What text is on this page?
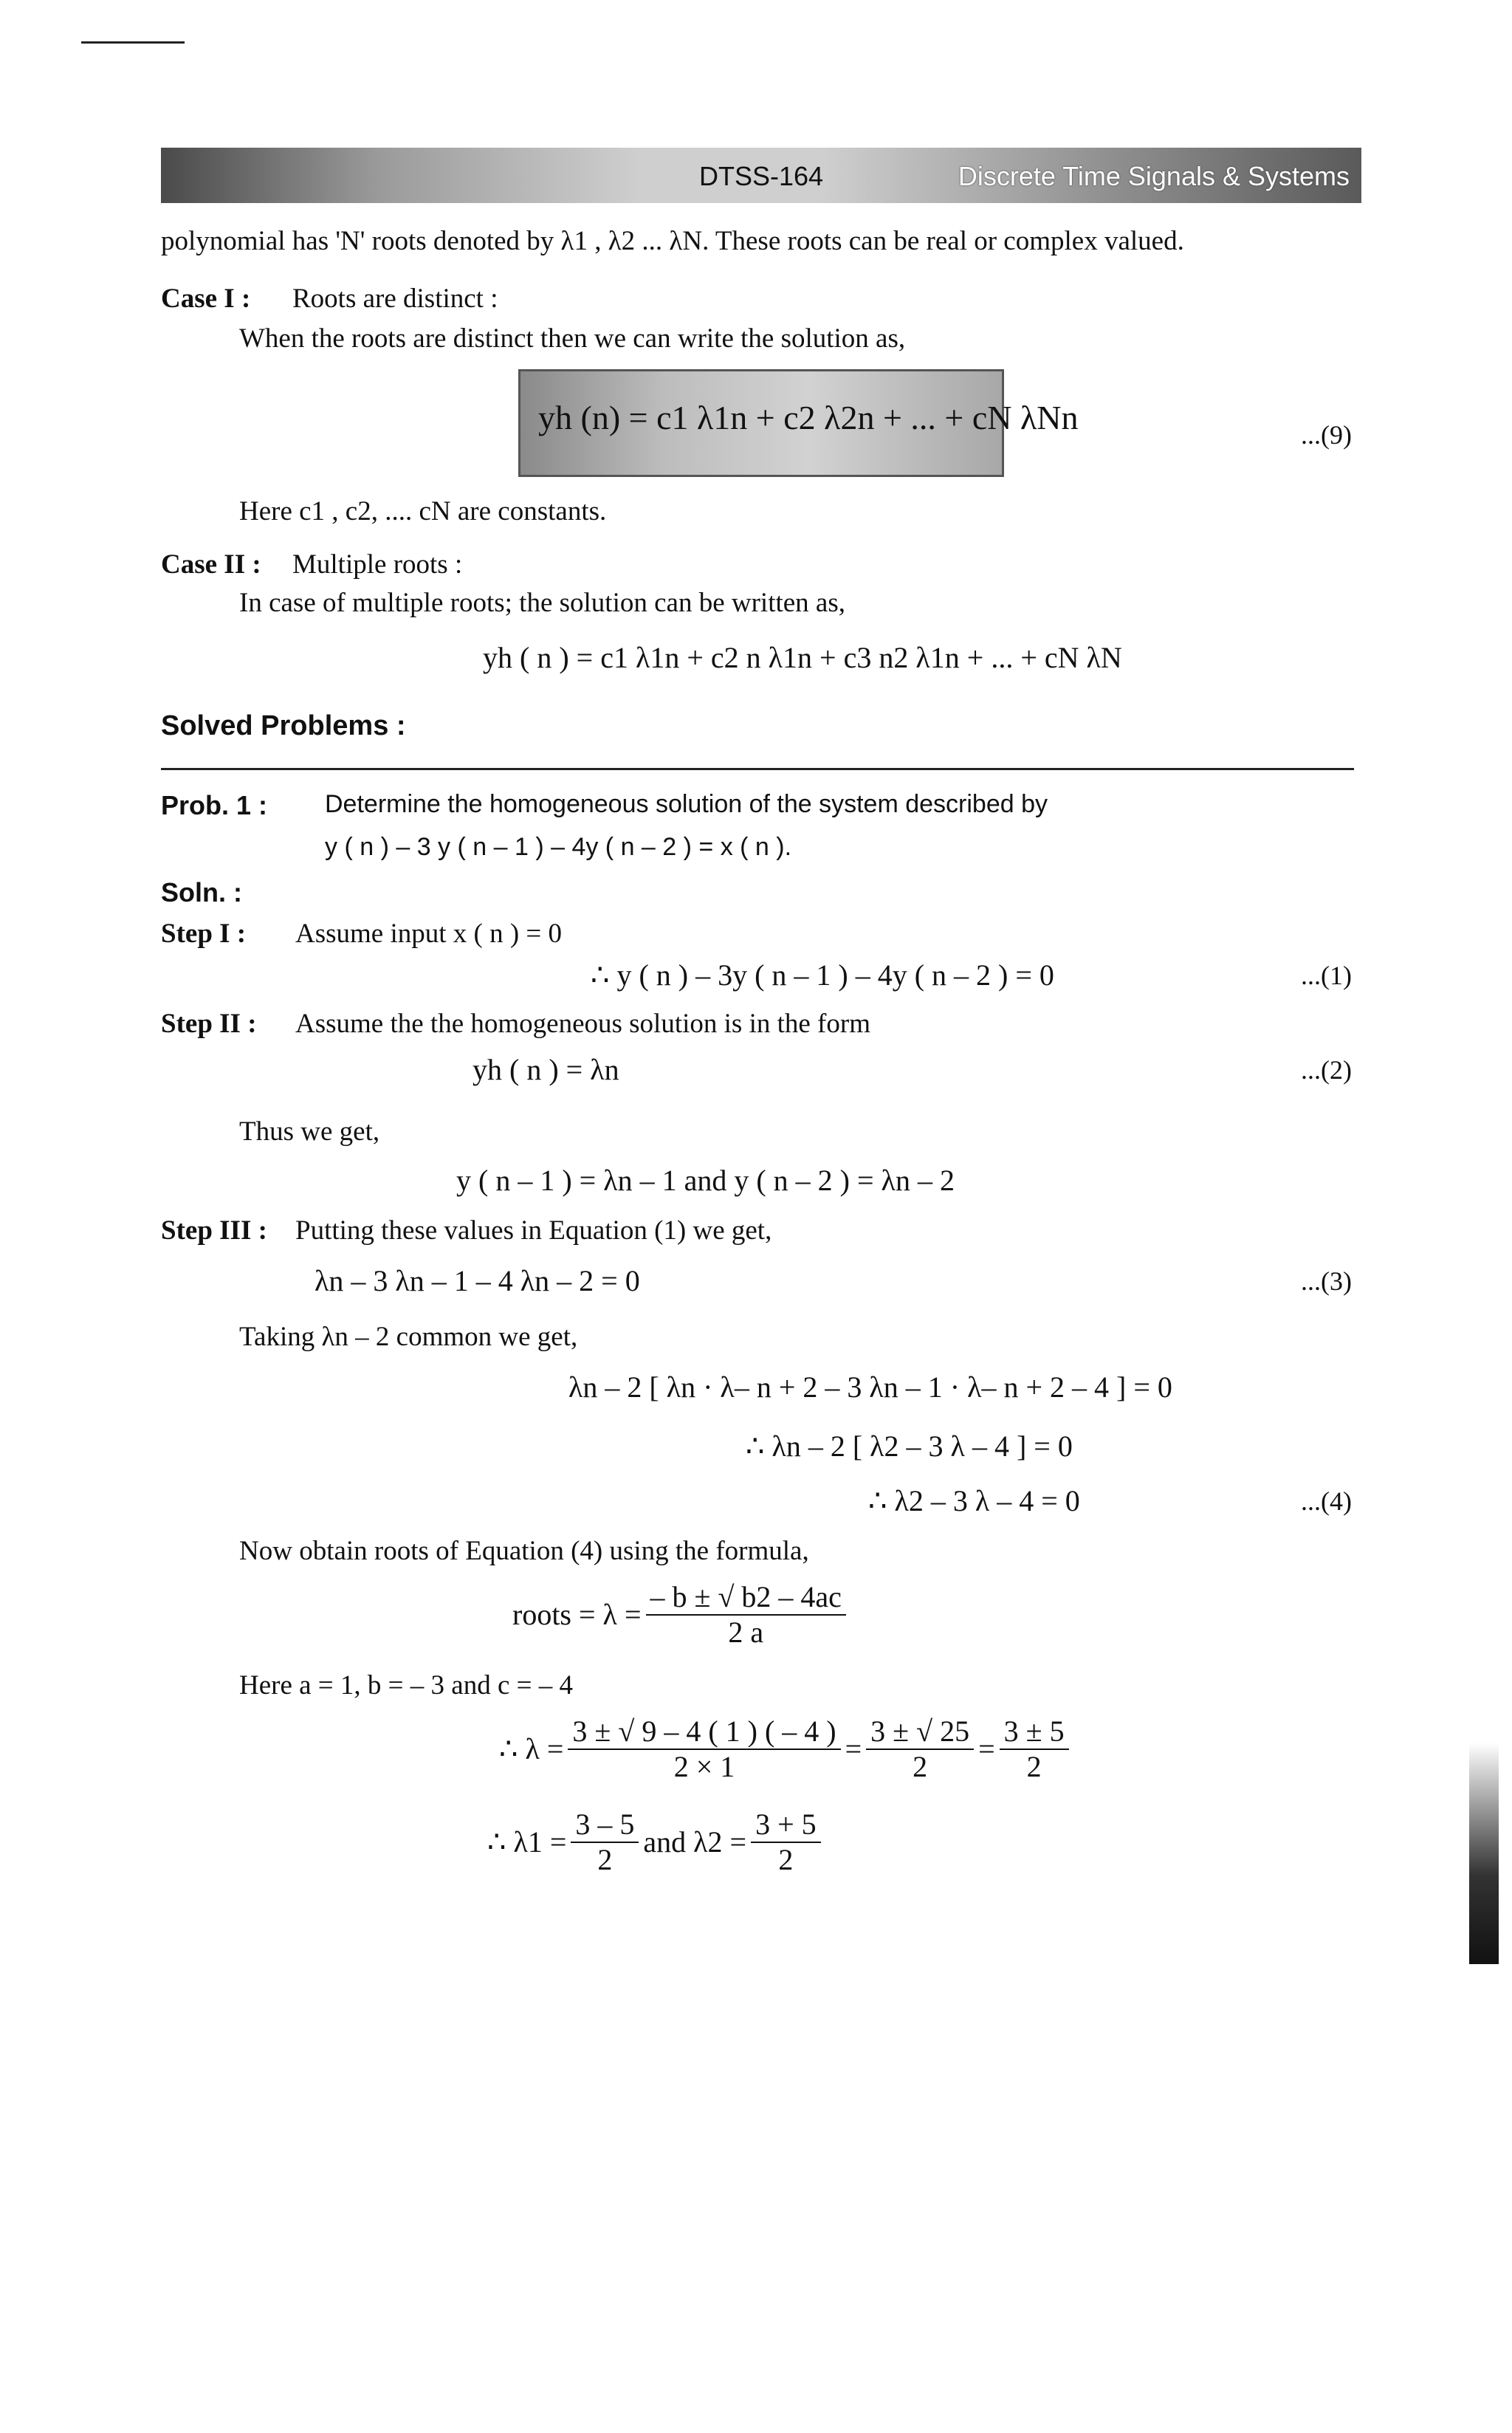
DTSS-164	Discrete Time Signals & Systems
polynomial has 'N' roots denoted by λ1 , λ2 ... λN. These roots can be real or complex valued.
Case I : Roots are distinct :
When the roots are distinct then we can write the solution as,
yh (n) = c1 λ1n + c2 λ2n + ... + cN λNn	...(9)
Here c1 , c2, .... cN are constants.
Case II : Multiple roots :
In case of multiple roots; the solution can be written as,
yh ( n ) = c1 λ1n + c2 n λ1n + c3 n2 λ1n + ... + cN λN
Solved Problems :
Prob. 1 : Determine the homogeneous solution of the system described by
y ( n ) – 3 y ( n – 1 ) – 4y ( n – 2 ) = x ( n ).
Soln. :
Step I : Assume input x ( n ) = 0
∴ y ( n ) – 3y ( n – 1 ) – 4y ( n – 2 ) = 0	...(1)
Step II : Assume the the homogeneous solution is in the form
yh ( n ) = λn	...(2)
Thus we get,
y ( n – 1 ) = λn – 1 and y ( n – 2 ) = λn – 2
Step III : Putting these values in Equation (1) we get,
λn – 3 λn – 1 – 4 λn – 2 = 0	...(3)
Taking λn – 2 common we get,
λn – 2 [ λn · λ– n + 2 – 3 λn – 1 · λ– n + 2 – 4 ] = 0
∴ λn – 2 [ λ2 – 3 λ – 4 ] = 0
∴ λ2 – 3 λ – 4 = 0	...(4)
Now obtain roots of Equation (4) using the formula,
roots = $\lambda = \frac{- b \pm √ b2 - 4ac}{2 a}$
Here a = 1, b = – 3 and c = – 4
∴ $\lambda = \frac{3 \pm √ 9 - 4 ( 1 ) ( - 4 )}{2 \times 1} = \frac{3 \pm √ 25}{2} = \frac{3 \pm 5}{2}$
∴ $\lambda 1 = \frac{3 - 5}{2}$ and $\lambda 2 = \frac{3 + 5}{2}$
